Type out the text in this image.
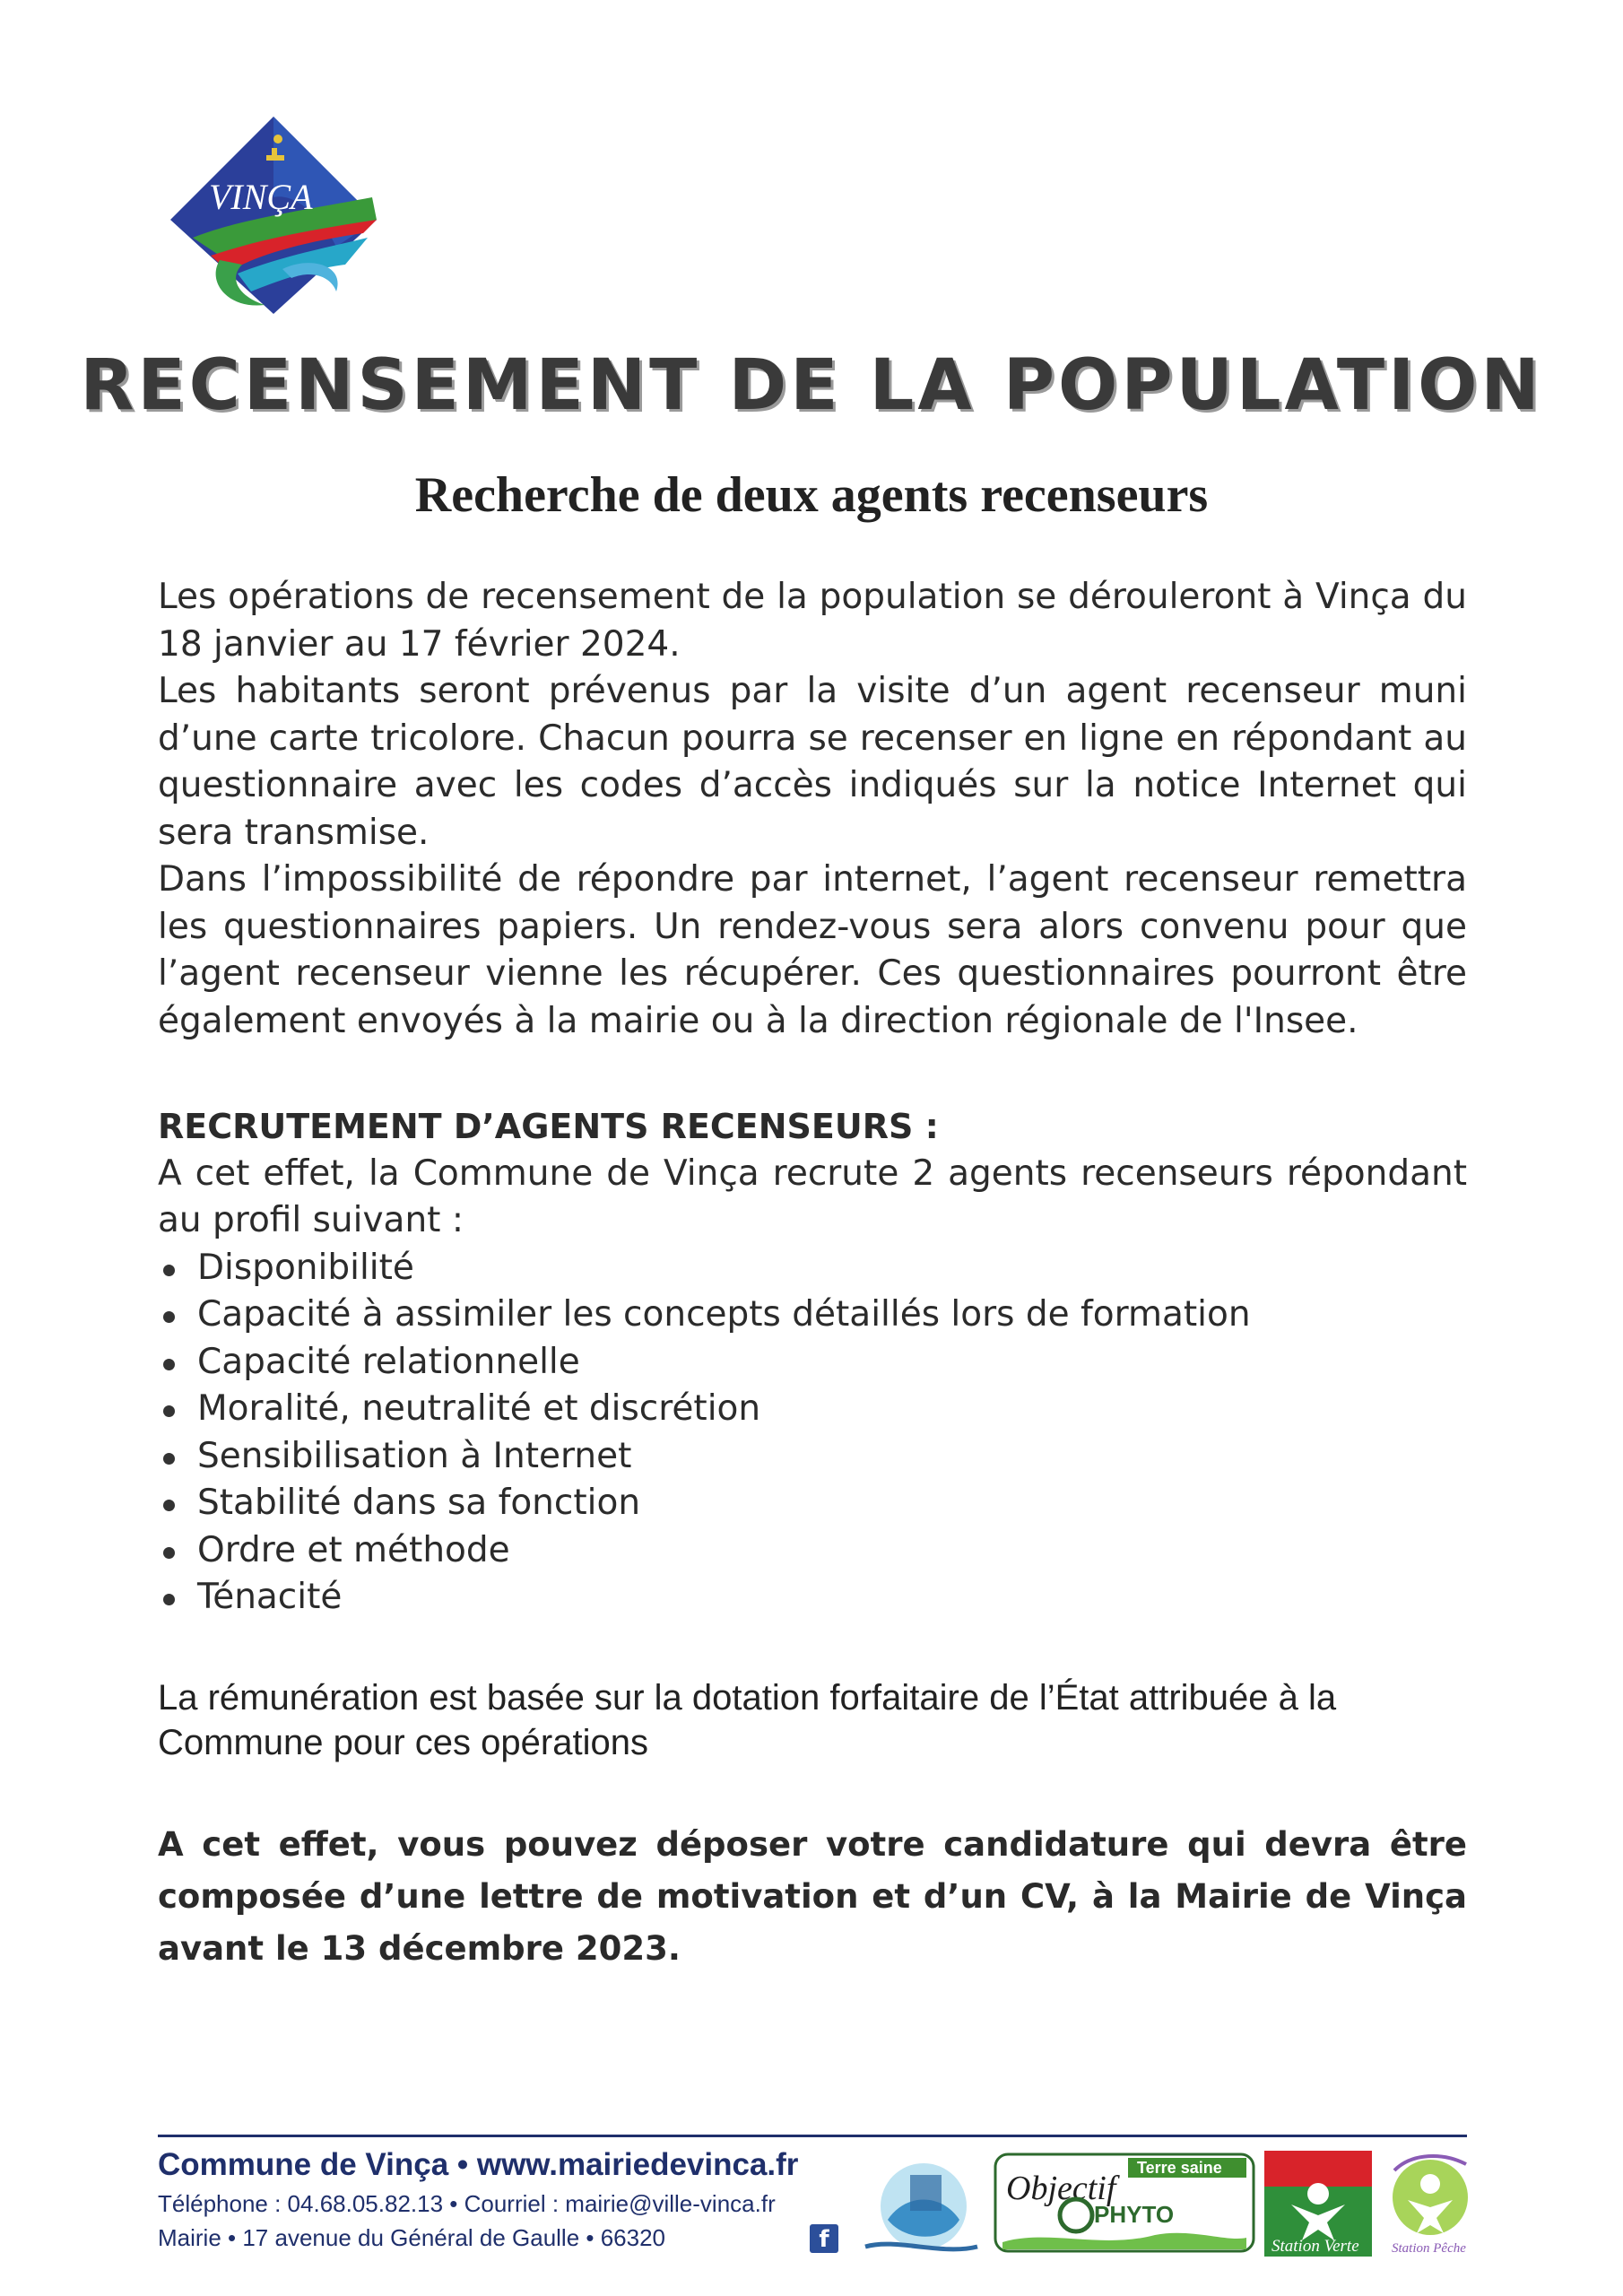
VINÇA
RECENSEMENT DE LA POPULATION
Recherche de deux agents recenseurs

Les opérations de recensement de la population se dérouleront à Vinça du 18 janvier au 17 février 2024.

Les habitants seront prévenus par la visite d’un agent recenseur muni d’une carte tricolore. Chacun pourra se recenser en ligne en répondant au questionnaire avec les codes d’accès indiqués sur la notice Internet qui sera transmise.

Dans l’impossibilité de répondre par internet, l’agent recenseur remettra les questionnaires papiers. Un rendez-vous sera alors convenu pour que l’agent recenseur vienne les récupérer. Ces questionnaires pourront être également envoyés à la mairie ou à la direction régionale de l'Insee.

RECRUTEMENT D’AGENTS RECENSEURS :
A cet effet, la Commune de Vinça recrute 2 agents recenseurs répondant au profil suivant :
Disponibilité
Capacité à assimiler les concepts détaillés lors de formation
Capacité relationnelle
Moralité, neutralité et discrétion
Sensibilisation à Internet
Stabilité dans sa fonction
Ordre et méthode
Ténacité
La rémunération est basée sur la dotation forfaitaire de l’État attribuée à la Commune pour ces opérations
A cet effet, vous pouvez déposer votre candidature qui devra être composée d’une lettre de motivation et d’un CV, à la Mairie de Vinça avant le 13 décembre 2023.
Commune de Vinça • www.mairiedevinca.fr
Téléphone : 04.68.05.82.13 • Courriel : mairie@ville-vinca.fr
Mairie • 17 avenue du Général de Gaulle • 66320	f
Terre saine
Objectif
PHYTO
Station Verte Station Pêche
